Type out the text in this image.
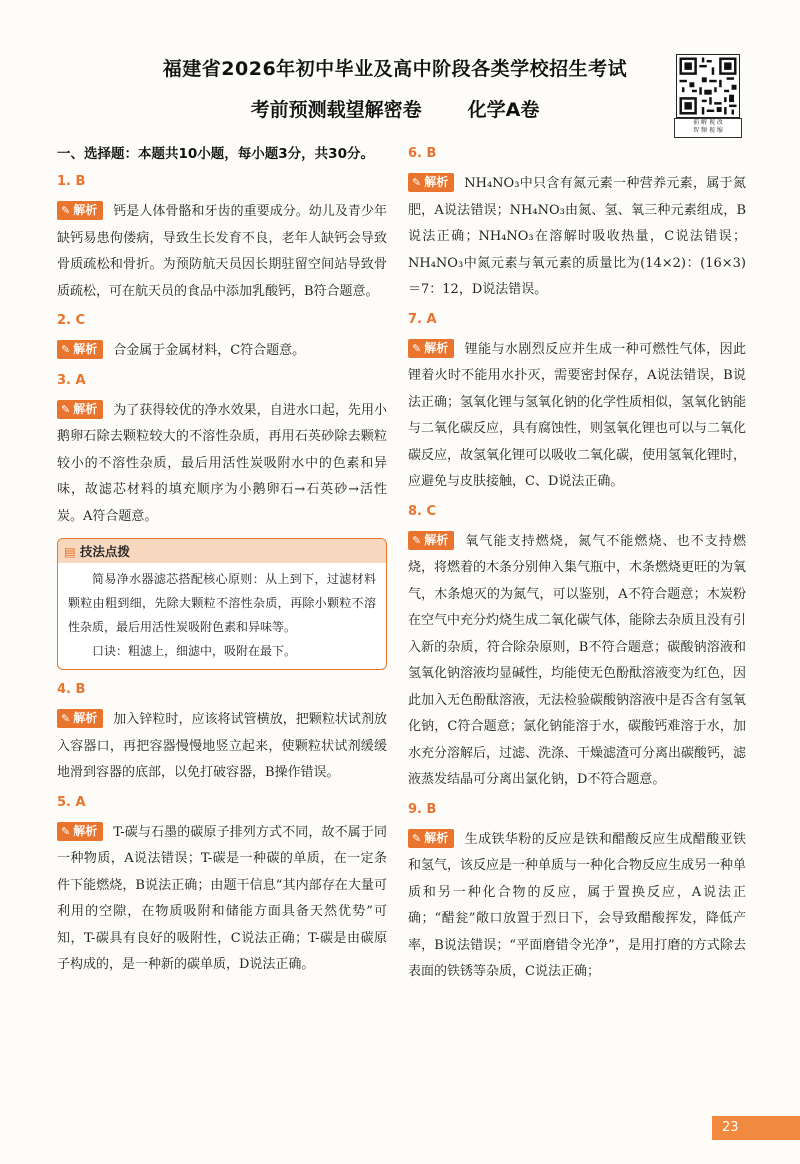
福建省2026年初中毕业及高中阶段各类学校招生考试
考前预测载望解密卷 化学A卷
前 解 视 改
智 频 视 缩
一、选择题：本题共10小题，每小题3分，共30分。
1. B
✎ 解析 钙是人体骨骼和牙齿的重要成分。幼儿及青少年缺钙易患佝偻病，导致生长发育不良，老年人缺钙会导致骨质疏松和骨折。为预防航天员因长期驻留空间站导致骨质疏松，可在航天员的食品中添加乳酸钙，B符合题意。
2. C
✎ 解析 合金属于金属材料，C符合题意。
3. A
✎ 解析 为了获得较优的净水效果，自进水口起，先用小鹅卵石除去颗粒较大的不溶性杂质，再用石英砂除去颗粒较小的不溶性杂质，最后用活性炭吸附水中的色素和异味，故滤芯材料的填充顺序为小鹅卵石→石英砂→活性炭。A符合题意。
▤ 技法点拨

简易净水器滤芯搭配核心原则：从上到下，过滤材料颗粒由粗到细，先除大颗粒不溶性杂质，再除小颗粒不溶性杂质，最后用活性炭吸附色素和异味等。

口诀：粗滤上，细滤中，吸附在最下。

4. B
✎ 解析 加入锌粒时，应该将试管横放，把颗粒状试剂放入容器口，再把容器慢慢地竖立起来，使颗粒状试剂缓缓地滑到容器的底部，以免打破容器，B操作错误。
5. A
✎ 解析 T-碳与石墨的碳原子排列方式不同，故不属于同一种物质，A说法错误；T-碳是一种碳的单质，在一定条件下能燃烧，B说法正确；由题干信息“其内部存在大量可利用的空隙，在物质吸附和储能方面具备天然优势”可知，T-碳具有良好的吸附性，C说法正确；T-碳是由碳原子构成的，是一种新的碳单质，D说法正确。
6. B
✎ 解析 NH₄NO₃中只含有氮元素一种营养元素，属于氮肥，A说法错误；NH₄NO₃由氮、氢、氧三种元素组成，B说法正确；NH₄NO₃在溶解时吸收热量，C说法错误；NH₄NO₃中氮元素与氧元素的质量比为(14×2)：(16×3)＝7：12，D说法错误。
7. A
✎ 解析 锂能与水剧烈反应并生成一种可燃性气体，因此锂着火时不能用水扑灭，需要密封保存，A说法错误，B说法正确；氢氧化锂与氢氧化钠的化学性质相似，氢氧化钠能与二氧化碳反应，具有腐蚀性，则氢氧化锂也可以与二氧化碳反应，故氢氧化锂可以吸收二氧化碳，使用氢氧化锂时，应避免与皮肤接触，C、D说法正确。
8. C
✎ 解析 氧气能支持燃烧，氮气不能燃烧、也不支持燃烧，将燃着的木条分别伸入集气瓶中，木条燃烧更旺的为氧气，木条熄灭的为氮气，可以鉴别，A不符合题意；木炭粉在空气中充分灼烧生成二氧化碳气体，能除去杂质且没有引入新的杂质，符合除杂原则，B不符合题意；碳酸钠溶液和氢氧化钠溶液均显碱性，均能使无色酚酞溶液变为红色，因此加入无色酚酞溶液，无法检验碳酸钠溶液中是否含有氢氧化钠，C符合题意；氯化钠能溶于水，碳酸钙难溶于水，加水充分溶解后，过滤、洗涤、干燥滤渣可分离出碳酸钙，滤液蒸发结晶可分离出氯化钠，D不符合题意。
9. B
✎ 解析 生成铁华粉的反应是铁和醋酸反应生成醋酸亚铁和氢气，该反应是一种单质与一种化合物反应生成另一种单质和另一种化合物的反应，属于置换反应，A说法正确；“醋瓮”敞口放置于烈日下，会导致醋酸挥发，降低产率，B说法错误；“平面磨错令光净”，是用打磨的方式除去表面的铁锈等杂质，C说法正确；
23
